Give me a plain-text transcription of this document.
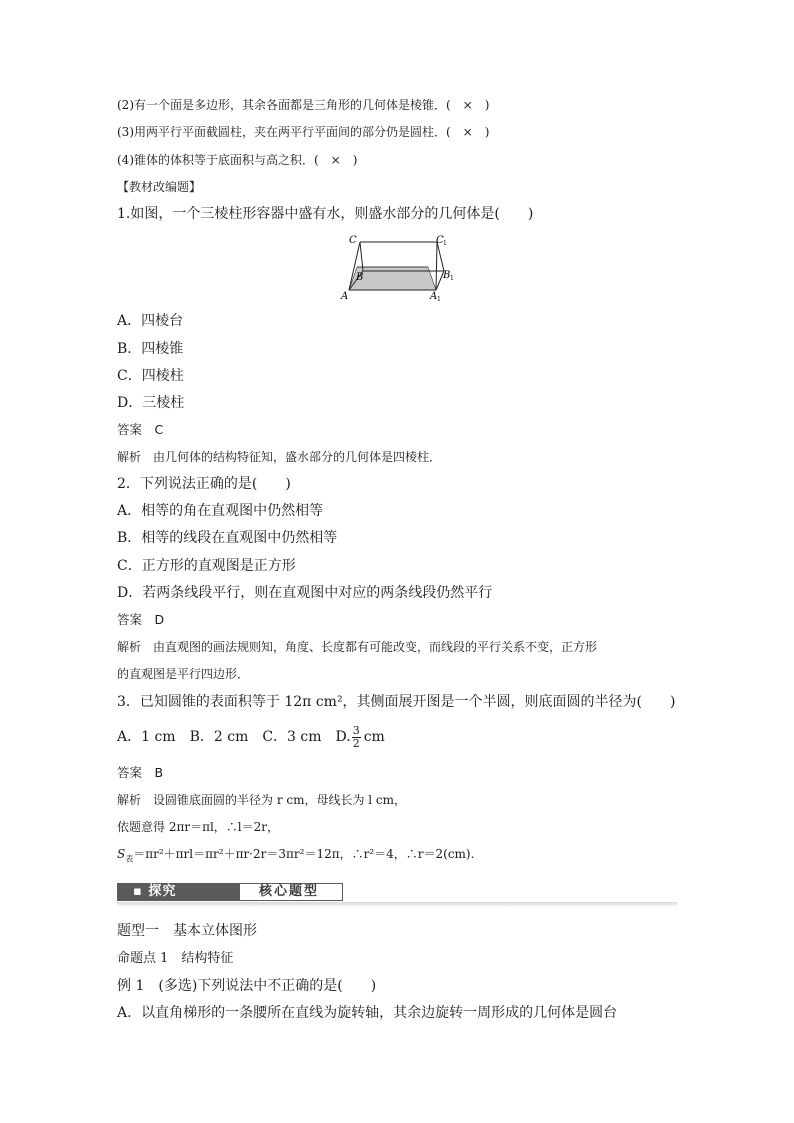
(2)有一个面是多边形，其余各面都是三角形的几何体是棱锥．(　×　)
(3)用两平行平面截圆柱，夹在两平行平面间的部分仍是圆柱．(　×　)
(4)锥体的体积等于底面积与高之积．(　×　)
【教材改编题】
1.如图，一个三棱柱形容器中盛有水，则盛水部分的几何体是(　　)
C	C 1
B	B 1
A	A 1
A．四棱台
B．四棱锥
C．四棱柱
D．三棱柱
答案　C
解析　由几何体的结构特征知，盛水部分的几何体是四棱柱．
2．下列说法正确的是(　　)
A．相等的角在直观图中仍然相等
B．相等的线段在直观图中仍然相等
C．正方形的直观图是正方形
D．若两条线段平行，则在直观图中对应的两条线段仍然平行
答案　D
解析　由直观图的画法规则知，角度、长度都有可能改变，而线段的平行关系不变，正方形
的直观图是平行四边形．
3．已知圆锥的表面积等于 12π cm²，其侧面展开图是一个半圆，则底面圆的半径为(　　)
A．1 cm　B．2 cm　C．3 cm　D. $\frac{3}{2}$ cm
答案　B
解析　设圆锥底面圆的半径为 r cm，母线长为 l cm，
依题意得 2πr＝πl，∴l＝2r，
$S_表=\pi r^2+\pi rl=\pi r^2+\pi r\cdot 2r=3\pi r^2=12\pi$，∴r²＝4，∴r＝2(cm).
▪ 探究	核心题型
题型一　基本立体图形
命题点 1　结构特征
例 1　(多选)下列说法中不正确的是(　　)
A．以直角梯形的一条腰所在直线为旋转轴，其余边旋转一周形成的几何体是圆台
